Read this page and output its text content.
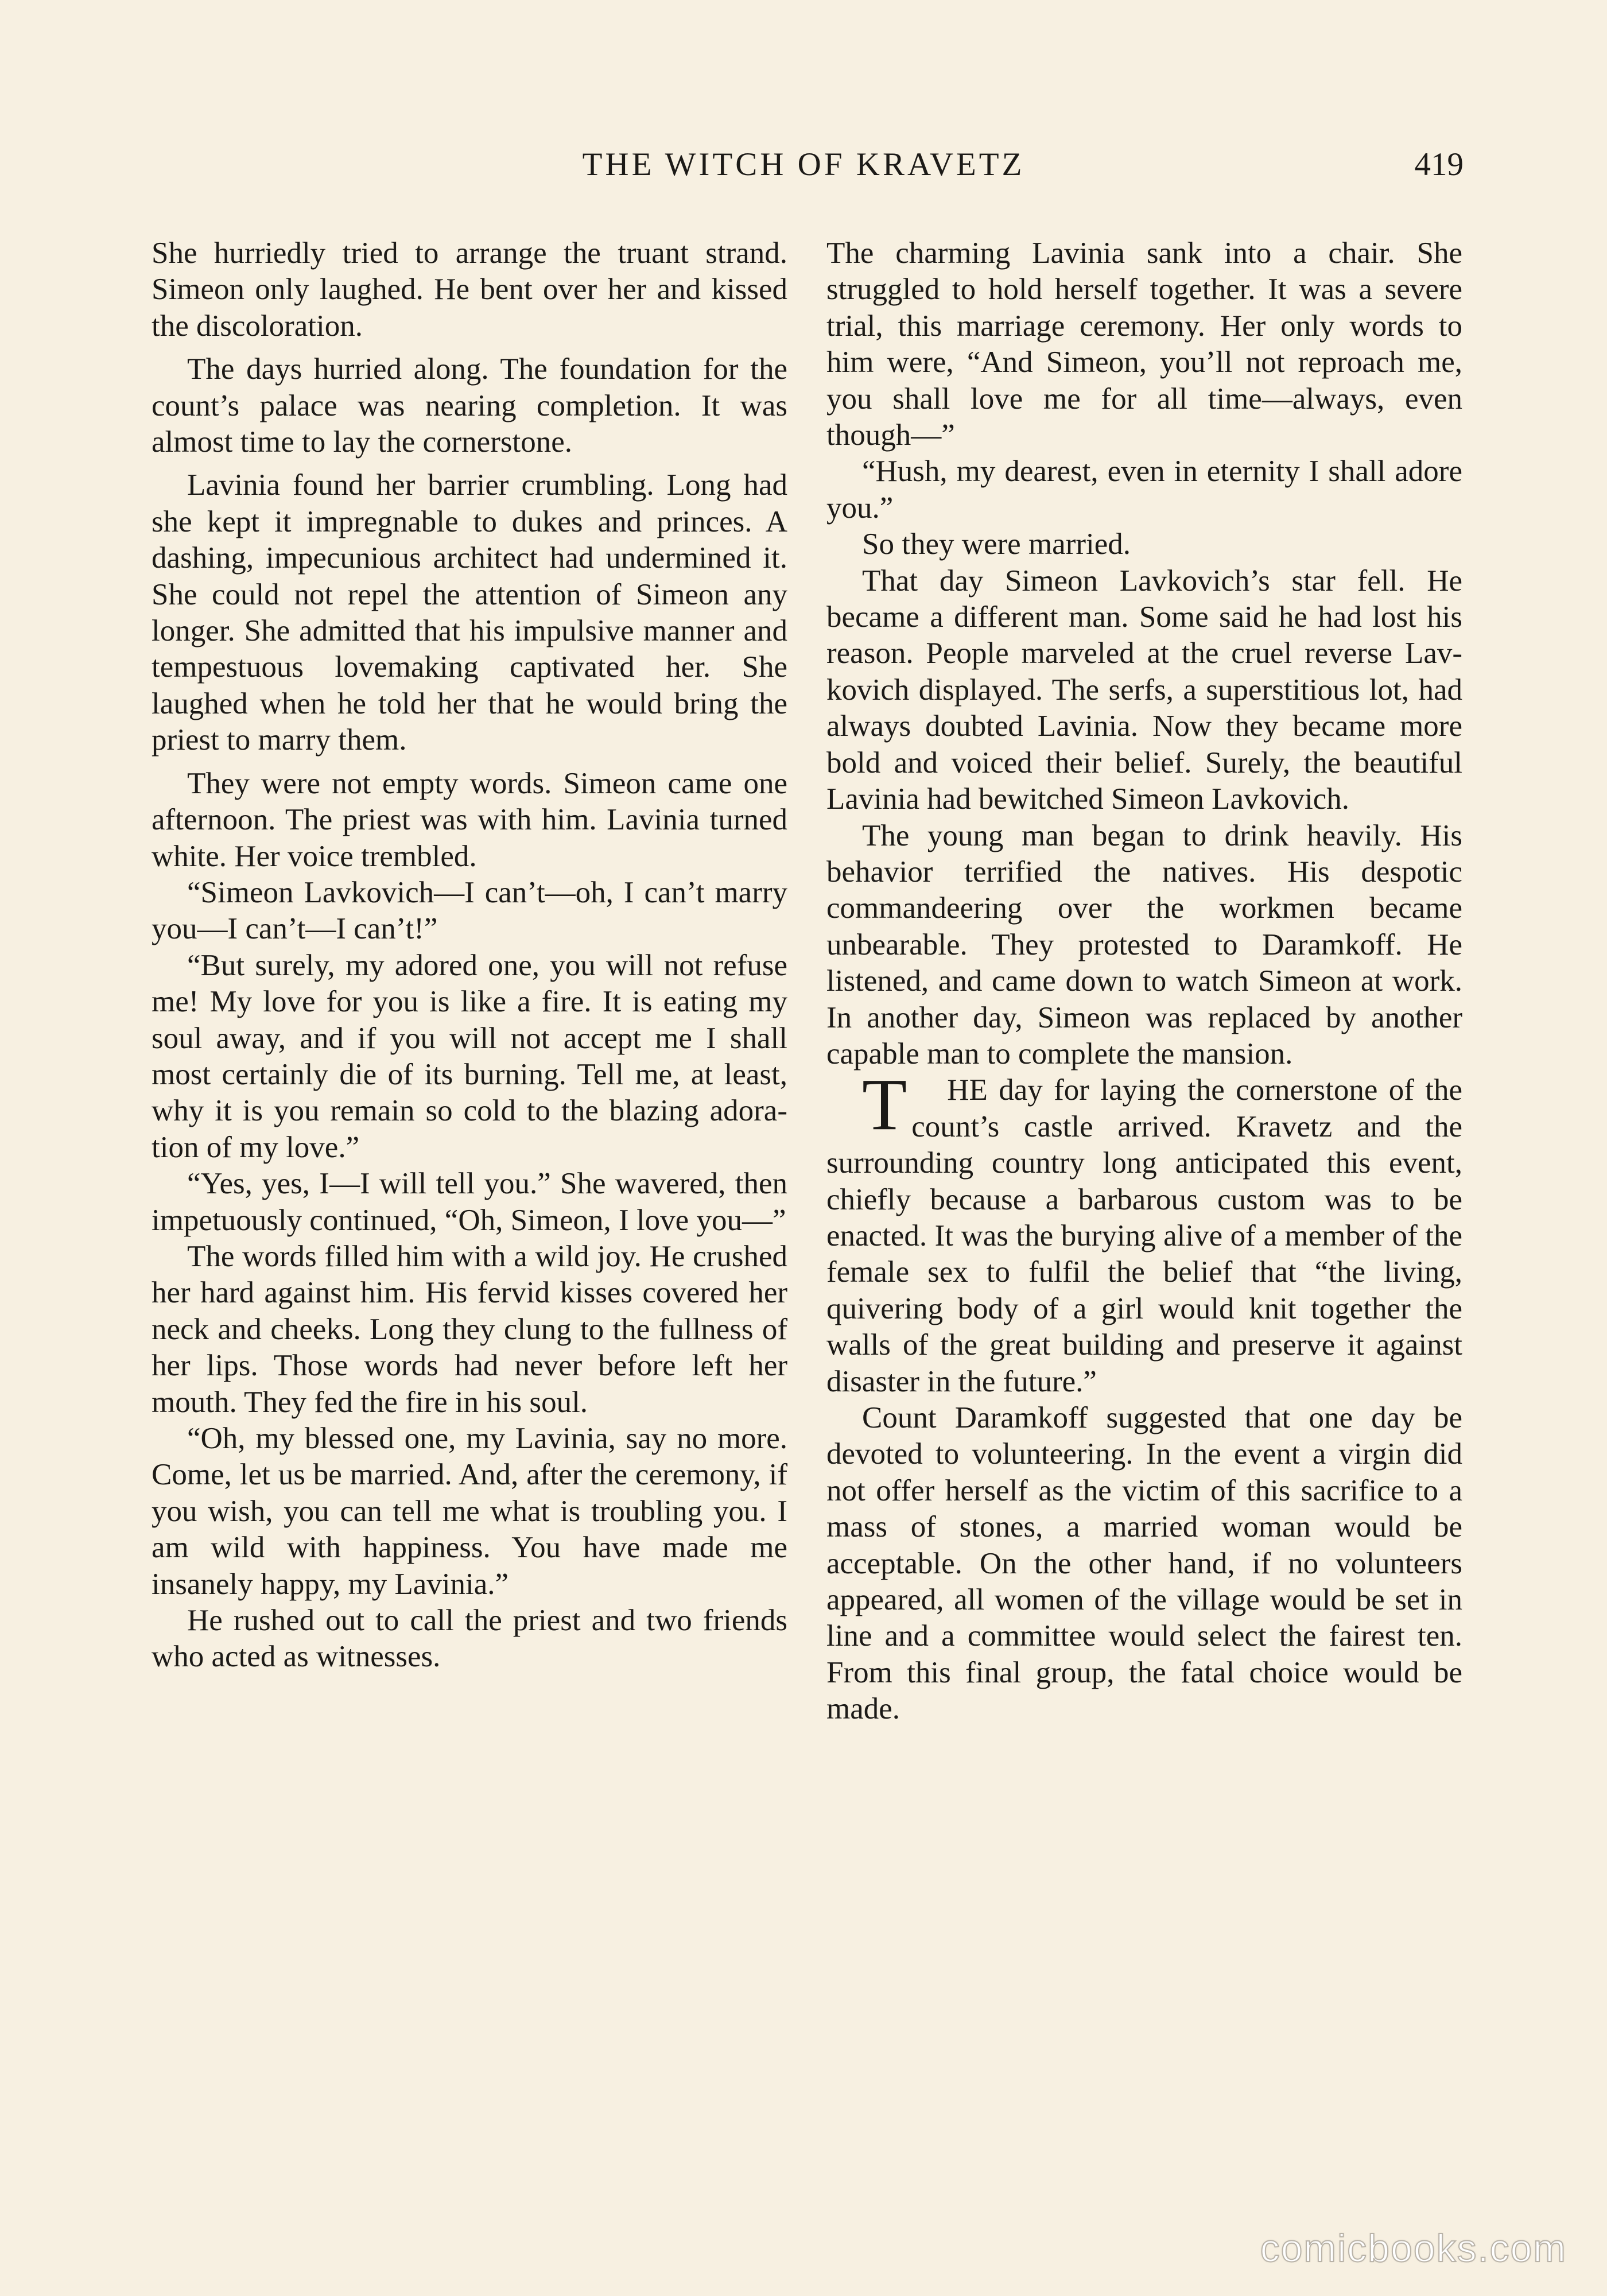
THE WITCH OF KRAVETZ	419

She hurriedly tried to arrange the truant strand. Simeon only laughed. He bent over her and kissed the discoloration.

The days hurried along. The foundation for the count’s palace was nearing completion. It was almost time to lay the cornerstone.

Lavinia found her barrier crumbling. Long had she kept it impregnable to dukes and princes. A dashing, impecunious architect had undermined it. She could not repel the attention of Simeon any longer. She admitted that his impulsive manner and tempestuous lovemaking captivated her. She laughed when he told her that he would bring the priest to marry them.

They were not empty words. Simeon came one afternoon. The priest was with him. Lavinia turned white. Her voice trembled.

“Simeon Lavkovich—I can’t—oh, I can’t marry you—I can’t—I can’t!”

“But surely, my adored one, you will not refuse me! My love for you is like a fire. It is eating my soul away, and if you will not accept me I shall most certainly die of its burning. Tell me, at least, why it is you remain so cold to the blazing adoration of my love.”

“Yes, yes, I—I will tell you.” She wavered, then impetuously continued, “Oh, Simeon, I love you—”

The words filled him with a wild joy. He crushed her hard against him. His fervid kisses covered her neck and cheeks. Long they clung to the fullness of her lips. Those words had never before left her mouth. They fed the fire in his soul.

“Oh, my blessed one, my Lavinia, say no more. Come, let us be married. And, after the ceremony, if you wish, you can tell me what is troubling you. I am wild with happiness. You have made me insanely happy, my Lavinia.”

He rushed out to call the priest and two friends who acted as witnesses.

The charming Lavinia sank into a chair. She struggled to hold herself together. It was a severe trial, this marriage ceremony. Her only words to him were, “And Simeon, you’ll not reproach me, you shall love me for all time—always, even though—”

“Hush, my dearest, even in eternity I shall adore you.”

So they were married.

That day Simeon Lavkovich’s star fell. He became a different man. Some said he had lost his reason. People marveled at the cruel reverse Lavkovich displayed. The serfs, a superstitious lot, had always doubted Lavinia. Now they became more bold and voiced their belief. Surely, the beautiful Lavinia had bewitched Simeon Lavkovich.

The young man began to drink heavily. His behavior terrified the natives. His despotic commandeering over the workmen became unbearable. They protested to Daramkoff. He listened, and came down to watch Simeon at work. In another day, Simeon was replaced by another capable man to complete the mansion.

T HE day for laying the cornerstone of the count’s castle arrived. Kravetz and the surrounding country long anticipated this event, chiefly because a barbarous custom was to be enacted. It was the burying alive of a member of the female sex to fulfil the belief that “the living, quivering body of a girl would knit together the walls of the great building and preserve it against disaster in the future.”

Count Daramkoff suggested that one day be devoted to volunteering. In the event a virgin did not offer herself as the victim of this sacrifice to a mass of stones, a married woman would be acceptable. On the other hand, if no volunteers appeared, all women of the village would be set in line and a committee would select the fairest ten. From this final group, the fatal choice would be made.

comicbooks.com
